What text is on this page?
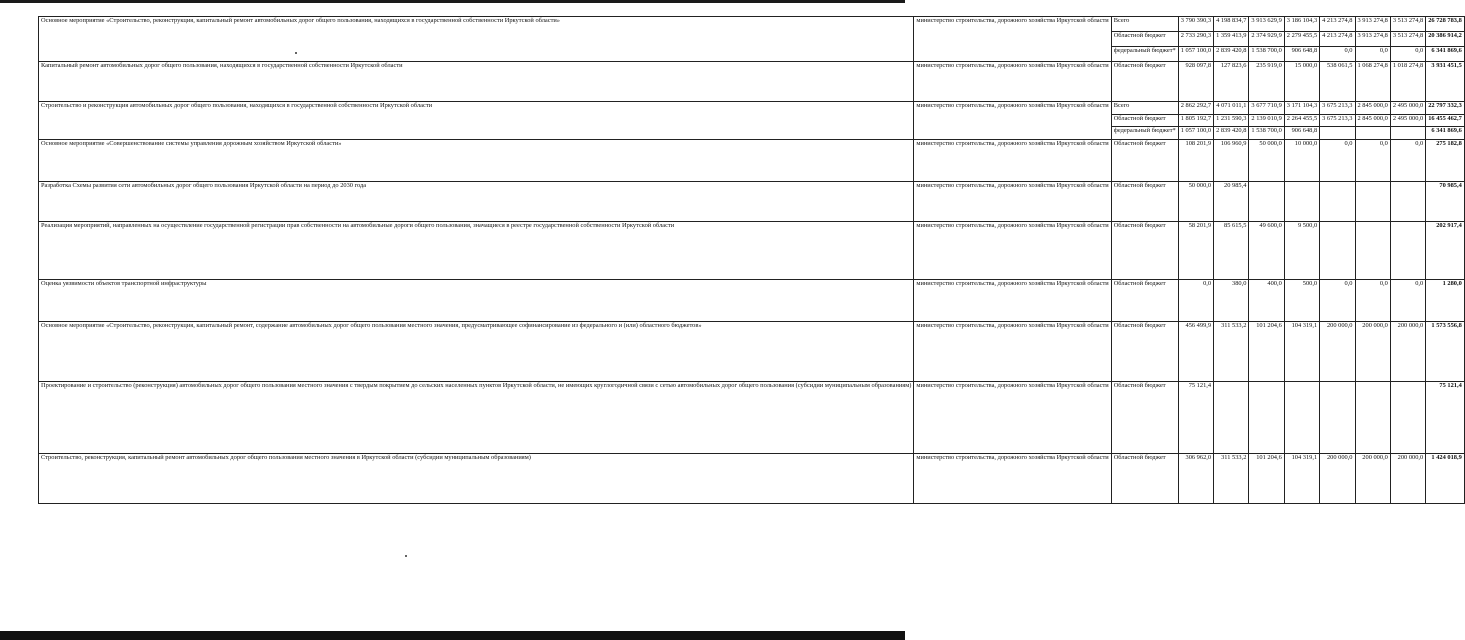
Основное мероприятие «Строительство, реконструкция, капитальный ремонт автомобильных дорог общего пользования, находящихся в государственной собственности Иркутской области»	министерство строительства, дорожного хозяйства Иркутской области	Всего	3 790 390,3	4 198 834,7	3 913 629,9	3 186 104,3	4 213 274,8	3 913 274,8	3 513 274,8	26 728 783,8
		Областной бюджет	2 733 290,3	1 359 413,9	2 374 929,9	2 279 455,5	4 213 274,8	3 913 274,8	3 513 274,8	20 386 914,2
		федеральный бюджет*	1 057 100,0	2 839 420,8	1 538 700,0	906 648,8	0,0	0,0	0,0	6 341 869,6
Капитальный ремонт автомобильных дорог общего пользования, находящихся в государственной собственности Иркутской области	министерство строительства, дорожного хозяйства Иркутской области	Областной бюджет	928 097,8	127 823,6	235 919,0	15 000,0	538 061,5	1 068 274,8	1 018 274,8	3 931 451,5
Строительство и реконструкция автомобильных дорог общего пользования, находящихся в государственной собственности Иркутской области	министерство строительства, дорожного хозяйства Иркутской области	Всего	2 862 292,7	4 071 011,1	3 677 710,9	3 171 104,3	3 675 213,3	2 845 000,0	2 495 000,0	22 797 332,3
		Областной бюджет	1 805 192,7	1 231 590,3	2 139 010,9	2 264 455,5	3 675 213,3	2 845 000,0	2 495 000,0	16 455 462,7
		федеральный бюджет*	1 057 100,0	2 839 420,8	1 538 700,0	906 648,8				6 341 869,6
Основное мероприятие «Совершенствование системы управления дорожным хозяйством Иркутской области»	министерство строительства, дорожного хозяйства Иркутской области	Областной бюджет	108 201,9	106 960,9	50 000,0	10 000,0	0,0	0,0	0,0	275 182,8
Разработка Схемы развития сети автомобильных дорог общего пользования Иркутской области на период до 2030 года	министерство строительства, дорожного хозяйства Иркутской области	Областной бюджет	50 000,0	20 985,4						70 985,4
Реализация мероприятий, направленных на осуществление государственной регистрации прав собственности на автомобильные дороги общего пользования, значащиеся в реестре государственной собственности Иркутской области	министерство строительства, дорожного хозяйства Иркутской области	Областной бюджет	58 201,9	85 615,5	49 600,0	9 500,0				202 917,4
Оценка уязвимости объектов транспортной инфраструктуры	министерство строительства, дорожного хозяйства Иркутской области	Областной бюджет	0,0	380,0	400,0	500,0	0,0	0,0	0,0	1 280,0
Основное мероприятие «Строительство, реконструкция, капитальный ремонт, содержание автомобильных дорог общего пользования местного значения, предусматривающее софинансирование из федерального и (или) областного бюджетов»	министерство строительства, дорожного хозяйства Иркутской области	Областной бюджет	456 499,9	311 533,2	101 204,6	104 319,1	200 000,0	200 000,0	200 000,0	1 573 556,8
Проектирование и строительство (реконструкция) автомобильных дорог общего пользования местного значения с твердым покрытием до сельских населенных пунктов Иркутской области, не имеющих круглогодичной связи с сетью автомобильных дорог общего пользования (субсидии муниципальным образованиям)	министерство строительства, дорожного хозяйства Иркутской области	Областной бюджет	75 121,4							75 121,4
Строительство, реконструкция, капитальный ремонт автомобильных дорог общего пользования местного значения в Иркутской области (субсидии муниципальным образованиям)	министерство строительства, дорожного хозяйства Иркутской области	Областной бюджет	306 962,0	311 533,2	101 204,6	104 319,1	200 000,0	200 000,0	200 000,0	1 424 018,9
